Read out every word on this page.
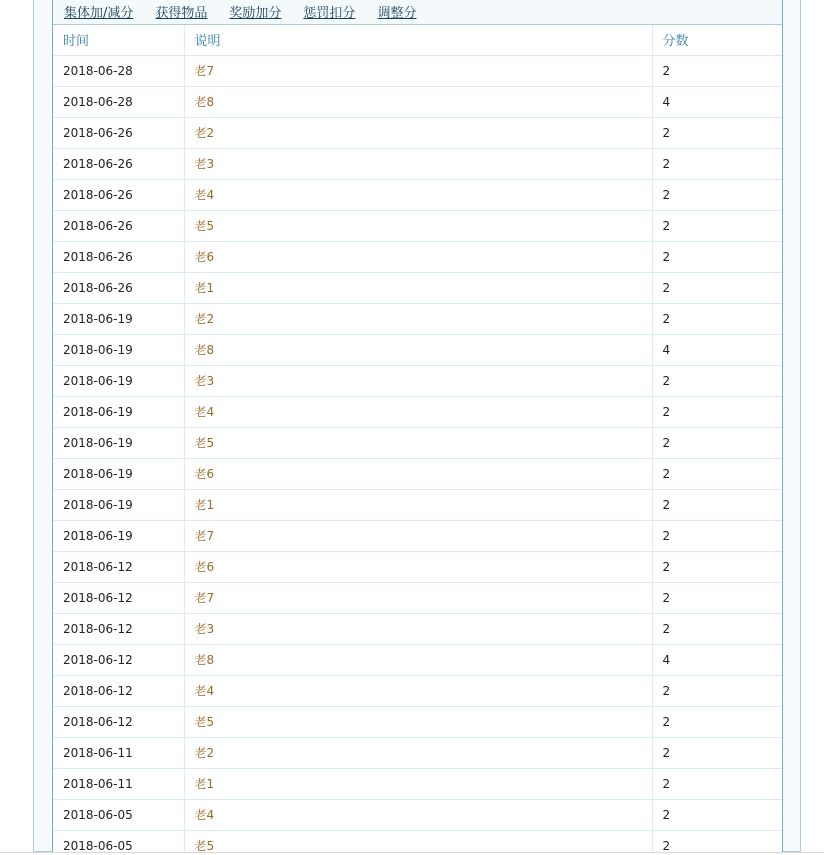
集体加/减分 获得物品 奖励加分 惩罚扣分 调整分
时间	说明	分数
2018-06-28	老7	2
2018-06-28	老8	4
2018-06-26	老2	2
2018-06-26	老3	2
2018-06-26	老4	2
2018-06-26	老5	2
2018-06-26	老6	2
2018-06-26	老1	2
2018-06-19	老2	2
2018-06-19	老8	4
2018-06-19	老3	2
2018-06-19	老4	2
2018-06-19	老5	2
2018-06-19	老6	2
2018-06-19	老1	2
2018-06-19	老7	2
2018-06-12	老6	2
2018-06-12	老7	2
2018-06-12	老3	2
2018-06-12	老8	4
2018-06-12	老4	2
2018-06-12	老5	2
2018-06-11	老2	2
2018-06-11	老1	2
2018-06-05	老4	2
2018-06-05	老5	2
